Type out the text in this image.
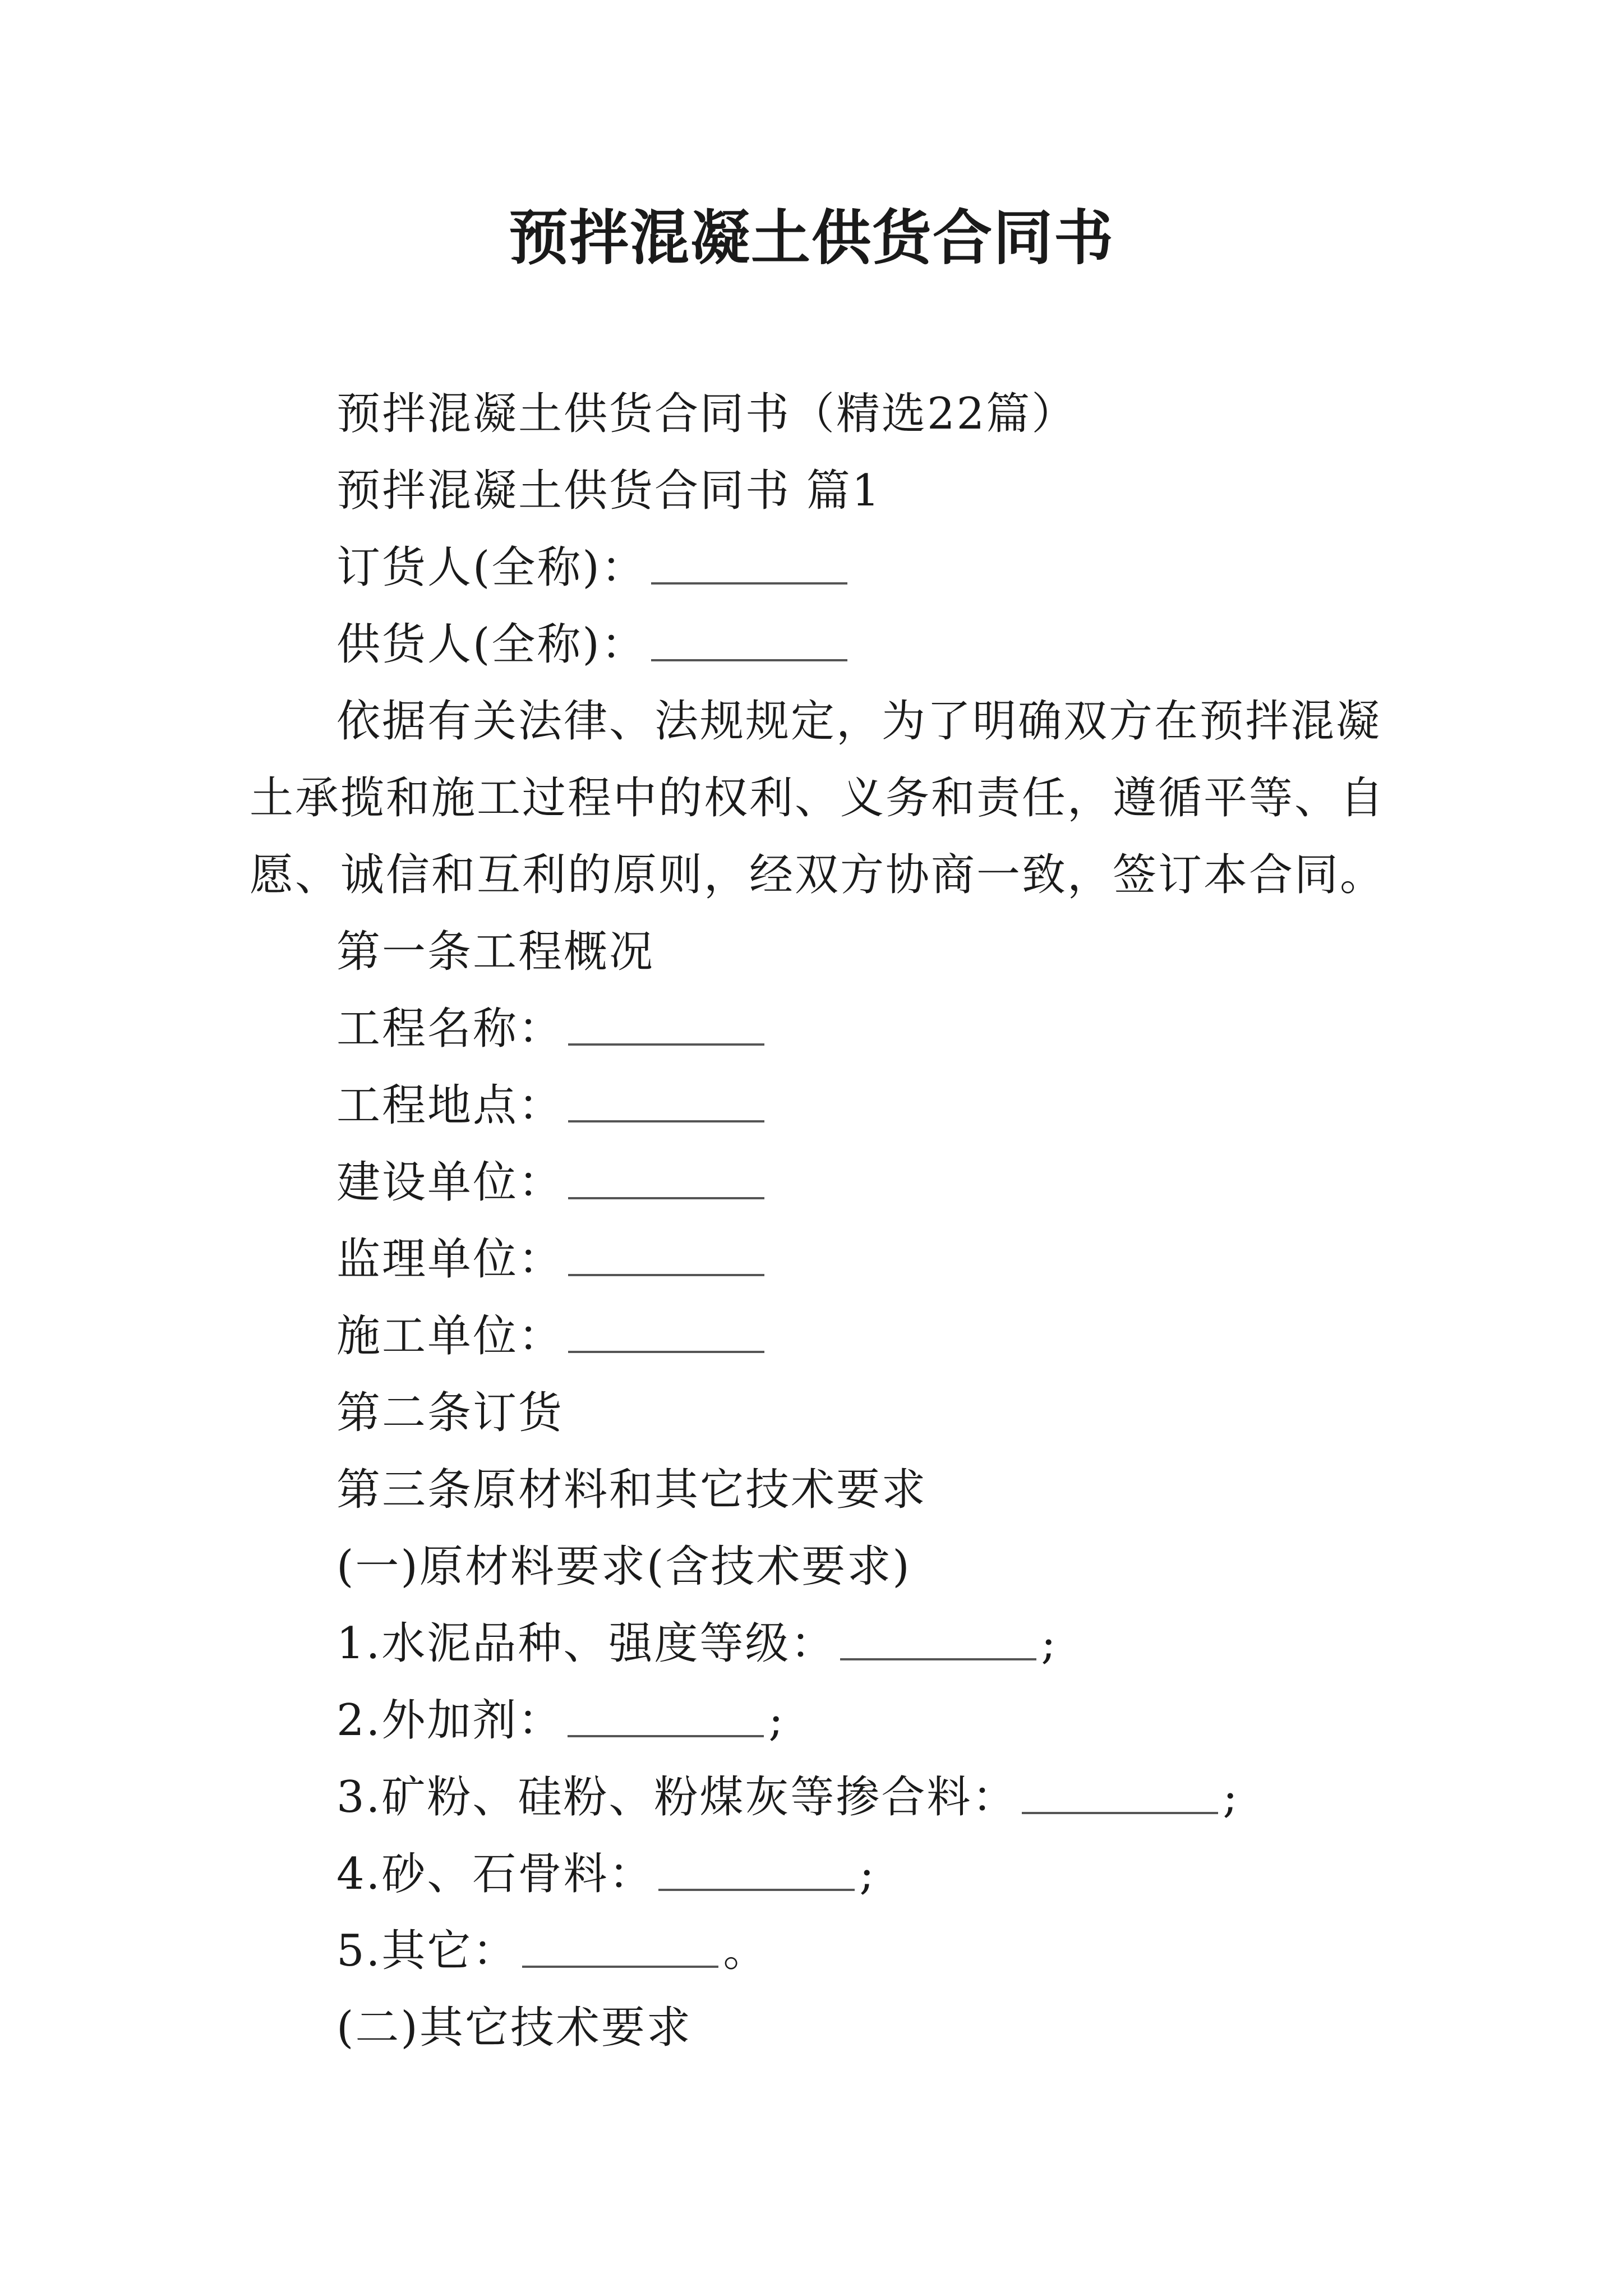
预拌混凝土供货合同书

预拌混凝土供货合同书（精选22篇）

预拌混凝土供货合同书 篇1

订货人(全称)：

供货人(全称)：

依据有关法律、法规规定，为了明确双方在预拌混凝土承揽和施工过程中的权利、义务和责任，遵循平等、自愿、诚信和互利的原则，经双方协商一致，签订本合同。

第一条工程概况

工程名称：

工程地点：

建设单位：

监理单位：

施工单位：

第二条订货

第三条原材料和其它技术要求

(一)原材料要求(含技术要求)

1.水泥品种、强度等级：	;

2.外加剂：	;

3.矿粉、硅粉、粉煤灰等掺合料：	;

4.砂、石骨料：	;

5.其它：	。

(二)其它技术要求
